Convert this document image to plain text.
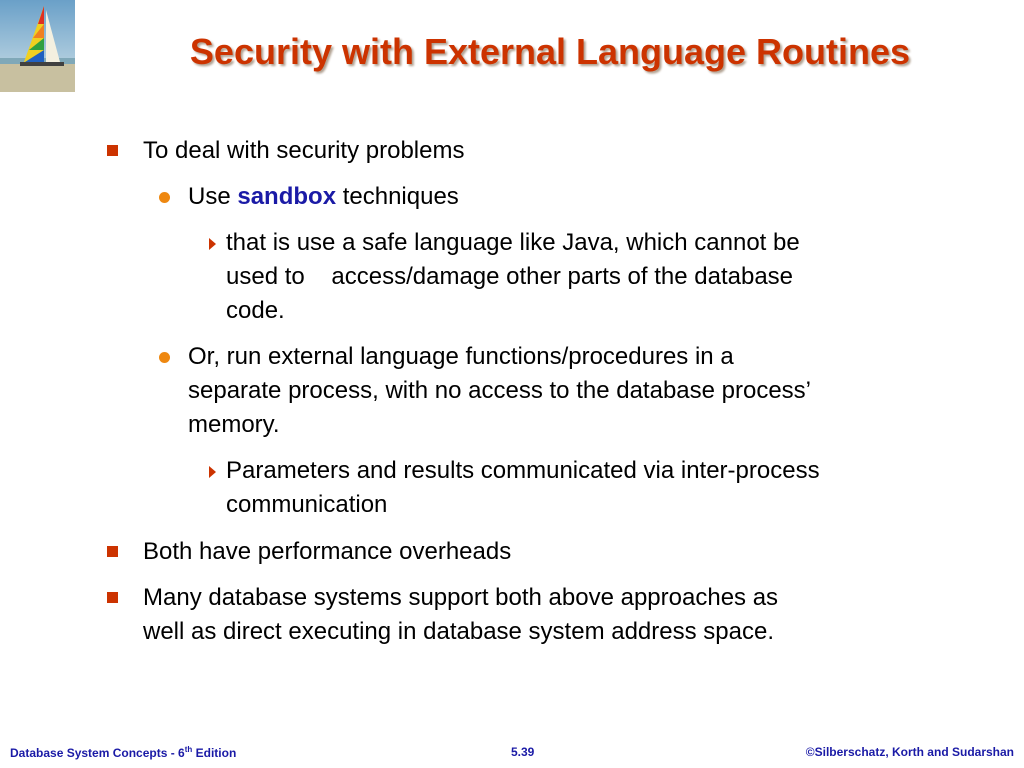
Security with External Language Routines
To deal with security problems
Use sandbox techniques
that is use a safe language like Java, which cannot be
used to    access/damage other parts of the database
code.
Or, run external language functions/procedures in a
separate process, with no access to the database process’
memory.
Parameters and results communicated via inter-process
communication
Both have performance overheads
Many database systems support both above approaches as
well as direct executing in database system address space.
Database System Concepts - 6th Edition	5.39	©Silberschatz, Korth and Sudarshan
